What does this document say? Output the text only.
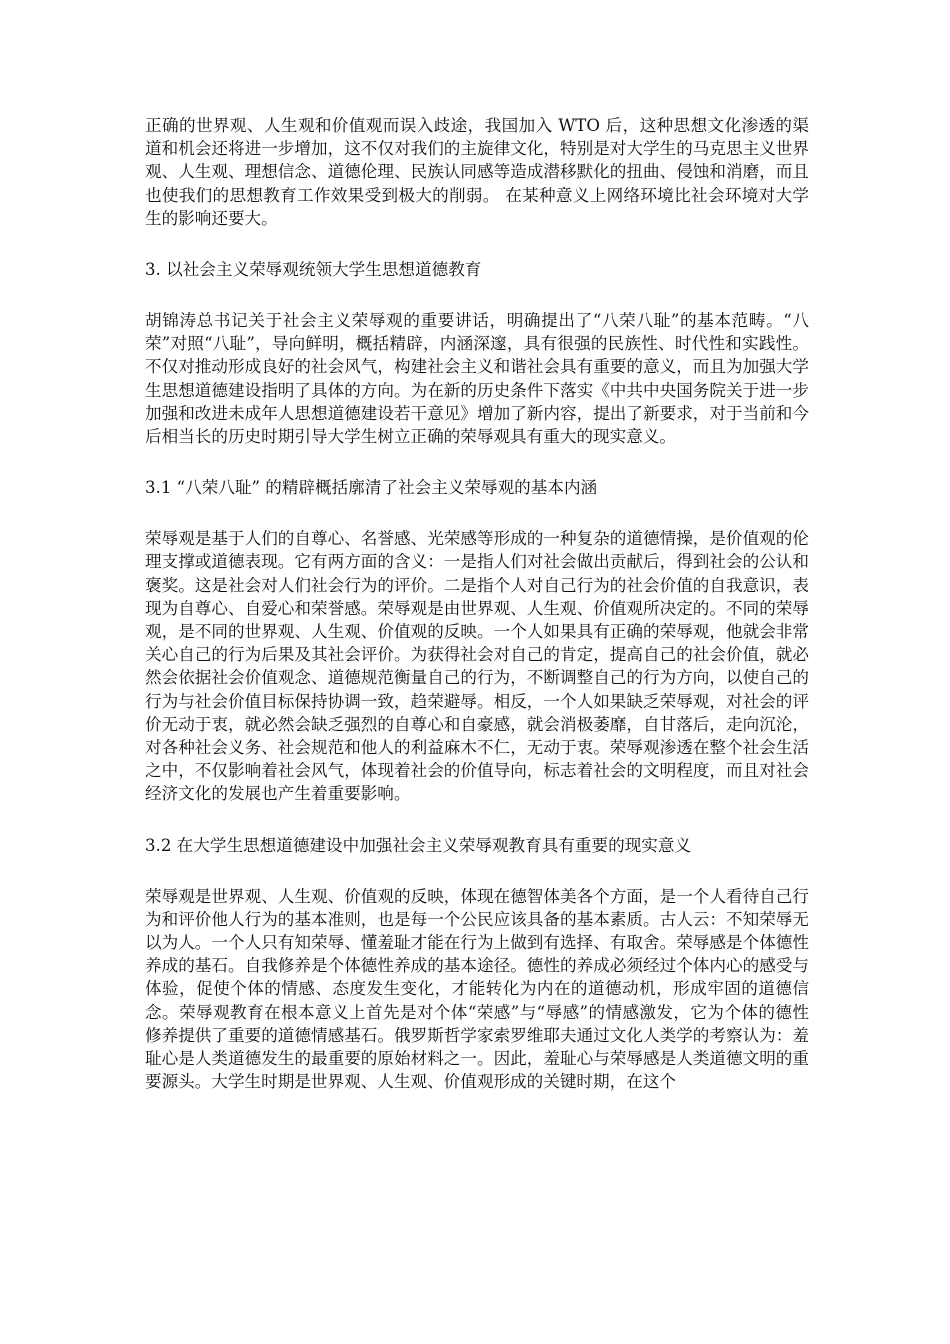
正确的世界观、人生观和价值观而误入歧途，我国加入 WTO 后，这种思想文化渗透的渠道和机会还将进一步增加，这不仅对我们的主旋律文化，特别是对大学生的马克思主义世界观、人生观、理想信念、道德伦理、民族认同感等造成潜移默化的扭曲、侵蚀和消磨，而且也使我们的思想教育工作效果受到极大的削弱。 在某种意义上网络环境比社会环境对大学生的影响还要大。

3. 以社会主义荣辱观统领大学生思想道德教育

胡锦涛总书记关于社会主义荣辱观的重要讲话，明确提出了“八荣八耻”的基本范畴。“八荣”对照“八耻”，导向鲜明，概括精辟，内涵深邃，具有很强的民族性、时代性和实践性。不仅对推动形成良好的社会风气，构建社会主义和谐社会具有重要的意义，而且为加强大学生思想道德建设指明了具体的方向。为在新的历史条件下落实《中共中央国务院关于进一步加强和改进未成年人思想道德建设若干意见》增加了新内容，提出了新要求，对于当前和今后相当长的历史时期引导大学生树立正确的荣辱观具有重大的现实意义。

3.1 “八荣八耻” 的精辟概括廓清了社会主义荣辱观的基本内涵

荣辱观是基于人们的自尊心、名誉感、光荣感等形成的一种复杂的道德情操，是价值观的伦理支撑或道德表现。它有两方面的含义：一是指人们对社会做出贡献后，得到社会的公认和褒奖。这是社会对人们社会行为的评价。二是指个人对自己行为的社会价值的自我意识，表现为自尊心、自爱心和荣誉感。荣辱观是由世界观、人生观、价值观所决定的。不同的荣辱观，是不同的世界观、人生观、价值观的反映。一个人如果具有正确的荣辱观，他就会非常关心自己的行为后果及其社会评价。为获得社会对自己的肯定，提高自己的社会价值，就必然会依据社会价值观念、道德规范衡量自己的行为，不断调整自己的行为方向，以使自己的行为与社会价值目标保持协调一致，趋荣避辱。相反，一个人如果缺乏荣辱观，对社会的评价无动于衷，就必然会缺乏强烈的自尊心和自豪感，就会消极萎靡，自甘落后，走向沉沦，对各种社会义务、社会规范和他人的利益麻木不仁，无动于衷。荣辱观渗透在整个社会生活之中，不仅影响着社会风气，体现着社会的价值导向，标志着社会的文明程度，而且对社会经济文化的发展也产生着重要影响。

3.2 在大学生思想道德建设中加强社会主义荣辱观教育具有重要的现实意义

荣辱观是世界观、人生观、价值观的反映，体现在德智体美各个方面，是一个人看待自己行为和评价他人行为的基本准则，也是每一个公民应该具备的基本素质。古人云：不知荣辱无以为人。一个人只有知荣辱、懂羞耻才能在行为上做到有选择、有取舍。荣辱感是个体德性养成的基石。自我修养是个体德性养成的基本途径。德性的养成必须经过个体内心的感受与体验，促使个体的情感、态度发生变化，才能转化为内在的道德动机，形成牢固的道德信念。荣辱观教育在根本意义上首先是对个体“荣感”与“辱感”的情感激发，它为个体的德性修养提供了重要的道德情感基石。俄罗斯哲学家索罗维耶夫通过文化人类学的考察认为：羞耻心是人类道德发生的最重要的原始材料之一。因此，羞耻心与荣辱感是人类道德文明的重要源头。大学生时期是世界观、人生观、价值观形成的关键时期，在这个
